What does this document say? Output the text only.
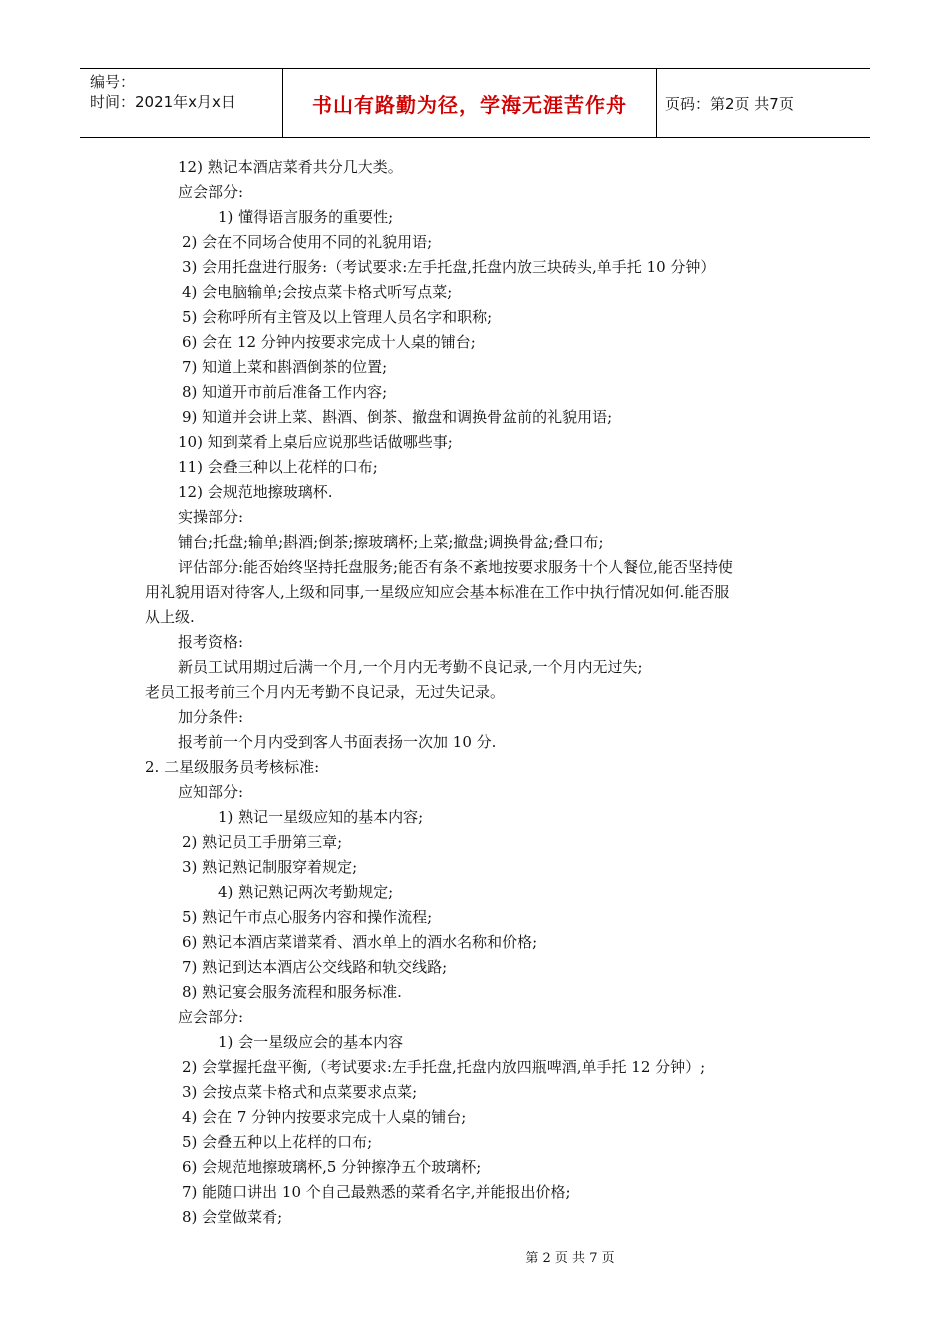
编号：
时间：2021年x月x日	书山有路勤为径，学海无涯苦作舟	页码：第2页 共7页
12) 熟记本酒店菜肴共分几大类。
应会部分:
1) 懂得语言服务的重要性;
2) 会在不同场合使用不同的礼貌用语;
3) 会用托盘进行服务:（考试要求:左手托盘,托盘内放三块砖头,单手托 10 分钟）
4) 会电脑输单;会按点菜卡格式听写点菜;
5) 会称呼所有主管及以上管理人员名字和职称;
6) 会在 12 分钟内按要求完成十人桌的铺台;
7) 知道上菜和斟酒倒茶的位置;
8) 知道开市前后准备工作内容;
9) 知道并会讲上菜、斟酒、倒茶、撤盘和调换骨盆前的礼貌用语;
10) 知到菜肴上桌后应说那些话做哪些事;
11) 会叠三种以上花样的口布;
12) 会规范地擦玻璃杯.
实操部分:
铺台;托盘;输单;斟酒;倒茶;擦玻璃杯;上菜;撤盘;调换骨盆;叠口布;
评估部分:能否始终坚持托盘服务;能否有条不紊地按要求服务十个人餐位,能否坚持使
用礼貌用语对待客人,上级和同事,一星级应知应会基本标准在工作中执行情况如何.能否服
从上级.
报考资格:
新员工试用期过后满一个月,一个月内无考勤不良记录,一个月内无过失;
老员工报考前三个月内无考勤不良记录，无过失记录。
加分条件:
报考前一个月内受到客人书面表扬一次加 10 分.
2. 二星级服务员考核标准:
应知部分:
1) 熟记一星级应知的基本内容;
2) 熟记员工手册第三章;
3) 熟记熟记制服穿着规定;
4) 熟记熟记两次考勤规定;
5) 熟记午市点心服务内容和操作流程;
6) 熟记本酒店菜谱菜肴、酒水单上的酒水名称和价格;
7) 熟记到达本酒店公交线路和轨交线路;
8) 熟记宴会服务流程和服务标准.
应会部分:
1) 会一星级应会的基本内容
2) 会掌握托盘平衡,（考试要求:左手托盘,托盘内放四瓶啤酒,单手托 12 分钟）;
3) 会按点菜卡格式和点菜要求点菜;
4) 会在 7 分钟内按要求完成十人桌的铺台;
5) 会叠五种以上花样的口布;
6) 会规范地擦玻璃杯,5 分钟擦净五个玻璃杯;
7) 能随口讲出 10 个自己最熟悉的菜肴名字,并能报出价格;
8) 会堂做菜肴;
第 2 页 共 7 页
